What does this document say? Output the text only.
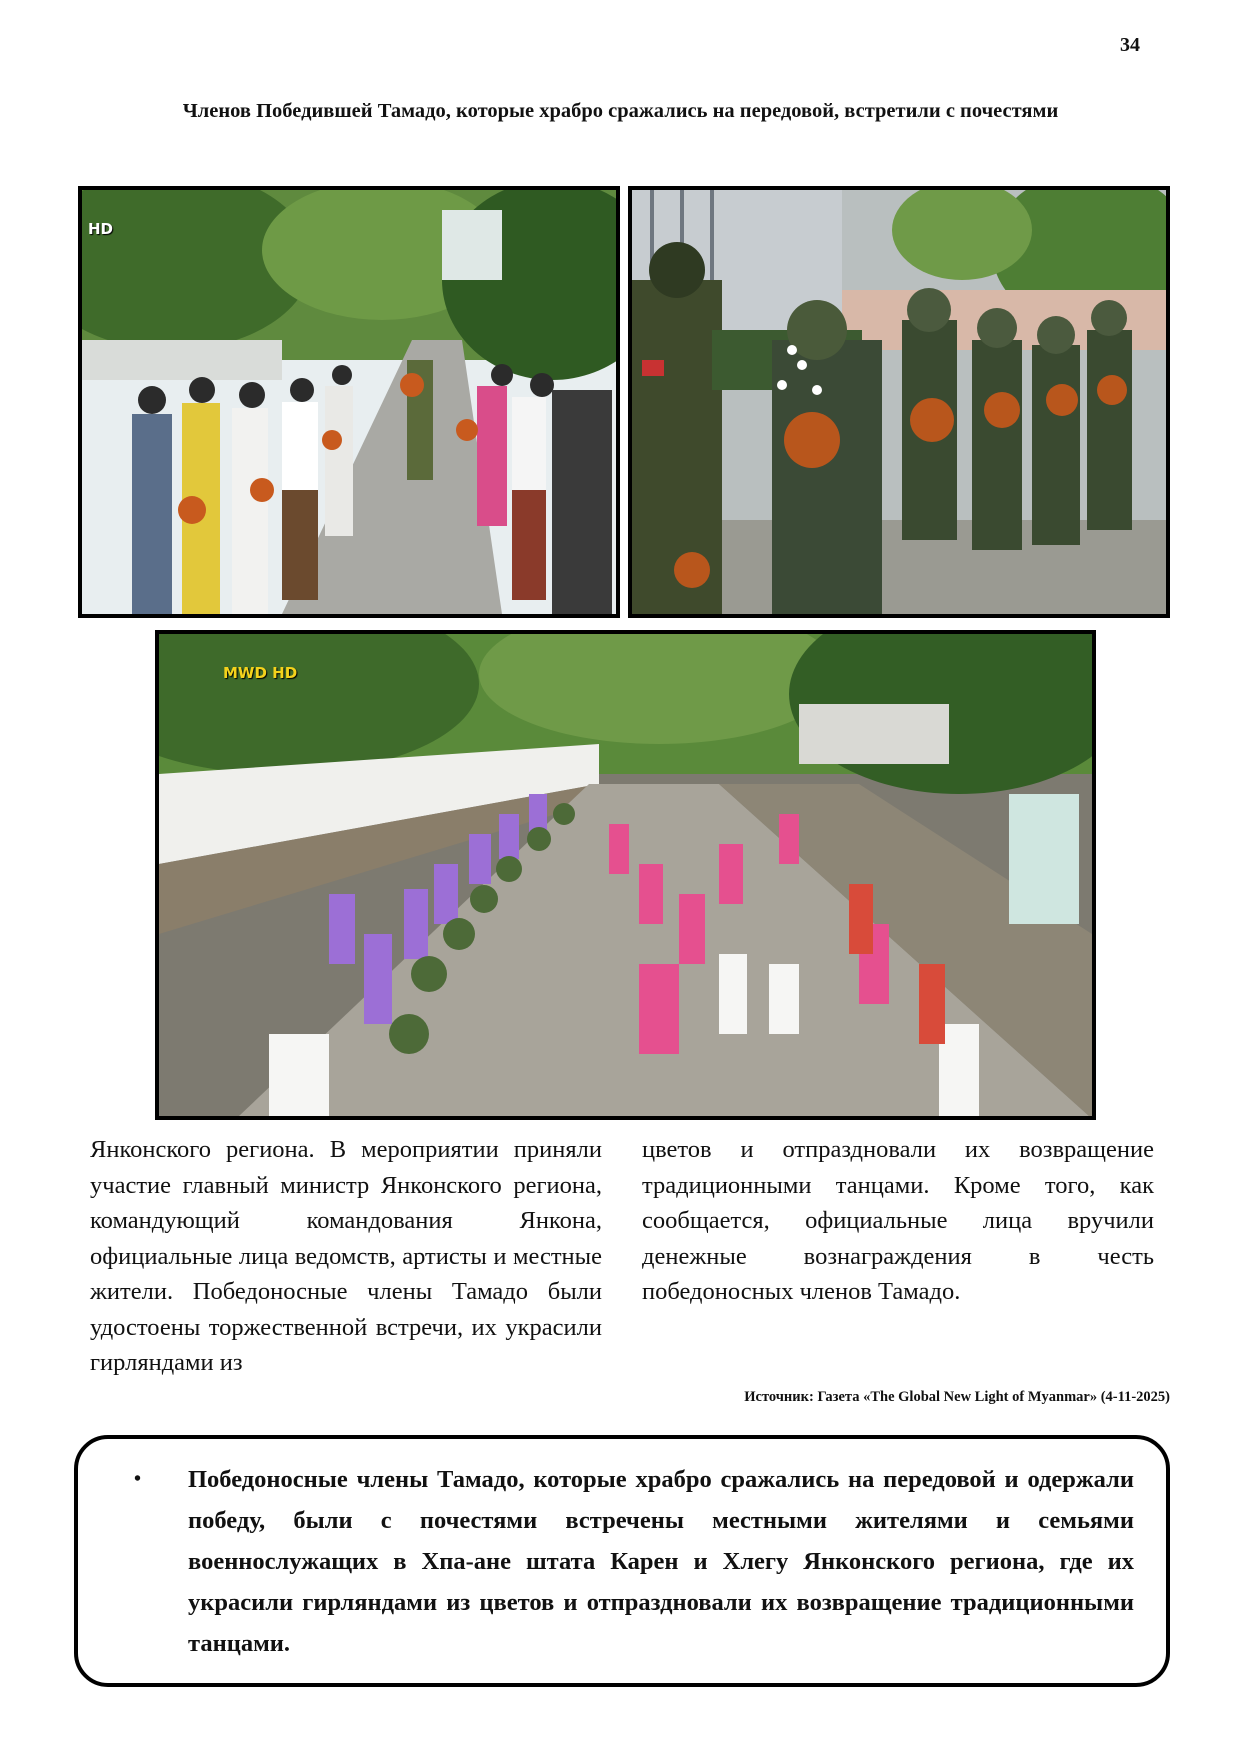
34
Членов Победившей Тамадо, которые храбро сражались на передовой, встретили с почестями
HD
MWD HD
Янконского региона. В мероприятии приняли участие главный министр Янконского региона, командующий командования Янкона, официальные лица ведомств, артисты и местные жители. Победоносные члены Тамадо были удостоены торжественной встречи, их украсили гирляндами из
цветов и отпраздновали их возвращение традиционными танцами. Кроме того, как сообщается, официальные лица вручили денежные вознаграждения в честь победоносных членов Тамадо.
Источник: Газета «The Global New Light of Myanmar» (4-11-2025)
• Победоносные члены Тамадо, которые храбро сражались на передовой и одержали победу, были с почестями встречены местными жителями и семьями военнослужащих в Хпа-ане штата Карен и Хлегу Янконского региона, где их украсили гирляндами из цветов и отпраздновали их возвращение традиционными танцами.
